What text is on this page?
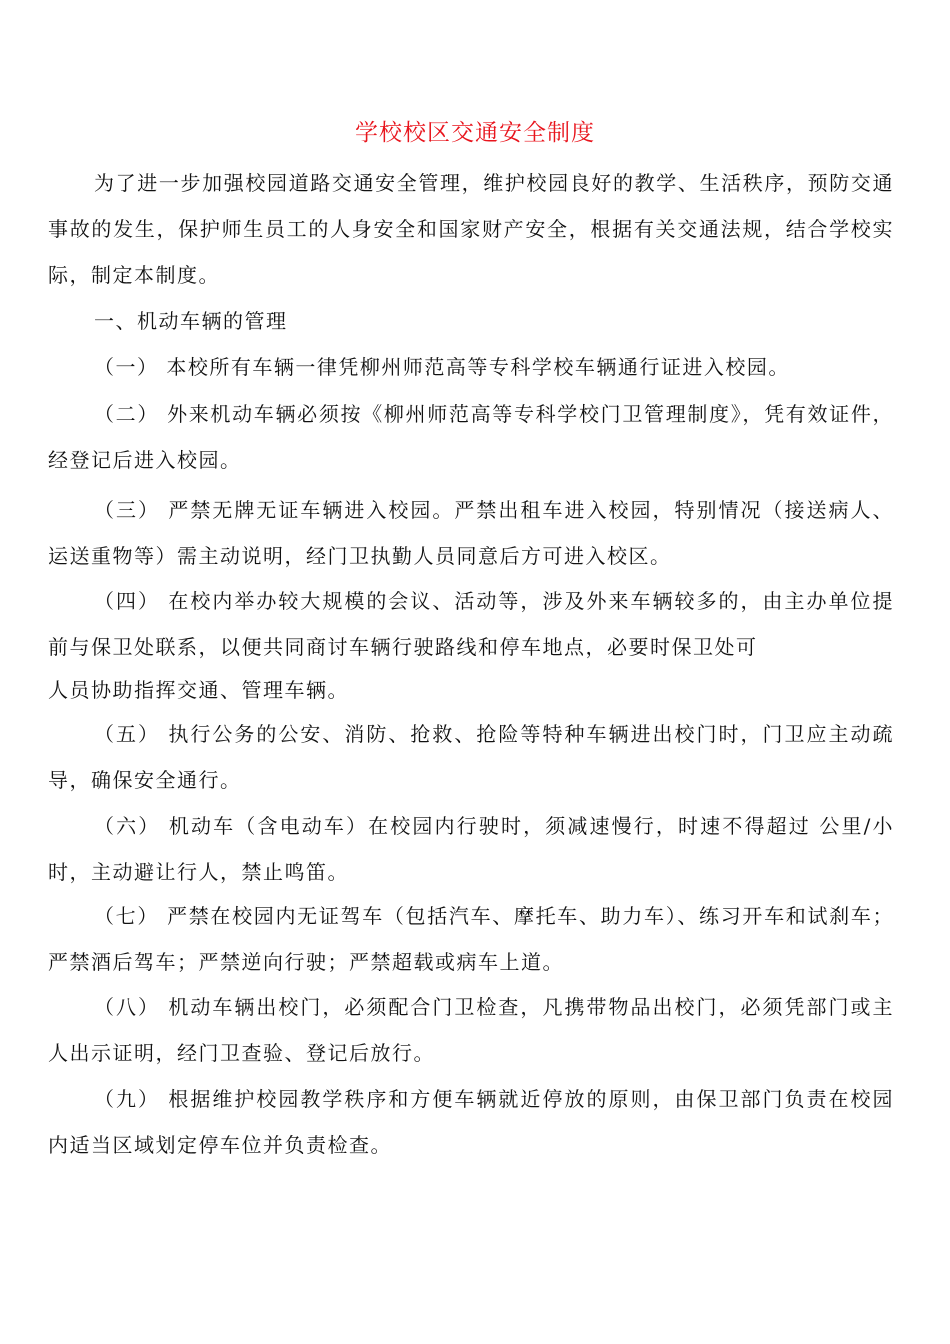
学校校区交通安全制度

为了进一步加强校园道路交通安全管理，维护校园良好的教学、生活秩序，预防交通事故的发生，保护师生员工的人身安全和国家财产安全，根据有关交通法规，结合学校实际，制定本制度。

一、机动车辆的管理

（一） 本校所有车辆一律凭柳州师范高等专科学校车辆通行证进入校园。

（二） 外来机动车辆必须按《柳州师范高等专科学校门卫管理制度》，凭有效证件，经登记后进入校园。

（三） 严禁无牌无证车辆进入校园。严禁出租车进入校园，特别情况（接送病人、运送重物等）需主动说明，经门卫执勤人员同意后方可进入校区。

（四） 在校内举办较大规模的会议、活动等，涉及外来车辆较多的，由主办单位提前与保卫处联系，以便共同商讨车辆行驶路线和停车地点，必要时保卫处可

人员协助指挥交通、管理车辆。

（五） 执行公务的公安、消防、抢救、抢险等特种车辆进出校门时，门卫应主动疏导，确保安全通行。

（六） 机动车（含电动车）在校园内行驶时，须减速慢行，时速不得超过 公里/小时，主动避让行人，禁止鸣笛。

（七） 严禁在校园内无证驾车（包括汽车、摩托车、助力车）、练习开车和试刹车；严禁酒后驾车；严禁逆向行驶；严禁超载或病车上道。

（八） 机动车辆出校门，必须配合门卫检查，凡携带物品出校门，必须凭部门或主人出示证明，经门卫查验、登记后放行。

（九） 根据维护校园教学秩序和方便车辆就近停放的原则，由保卫部门负责在校园内适当区域划定停车位并负责检查。
